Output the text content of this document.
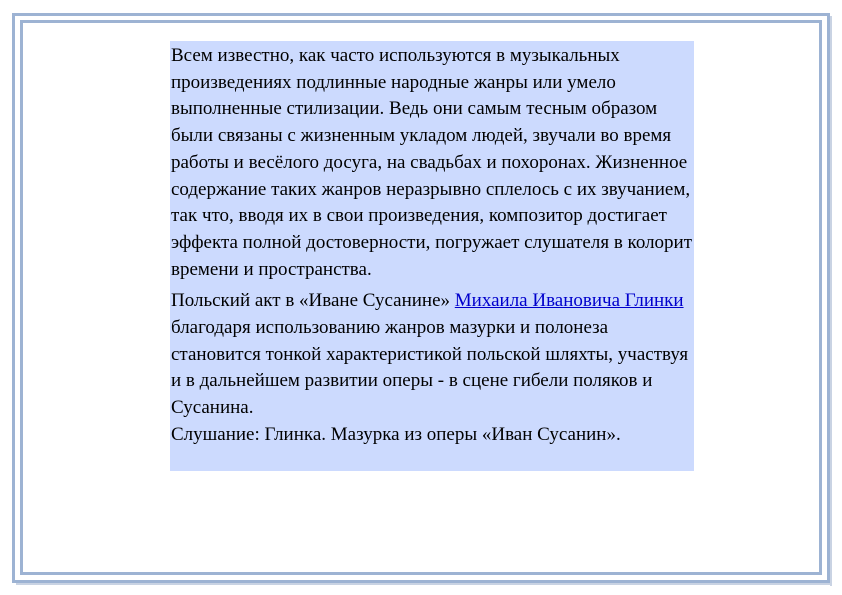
Всем известно, как часто используются в музыкальных произведениях подлинные народные жанры или умело выполненные стилизации. Ведь они самым тесным образом были связаны с жизненным укладом людей, звучали во время работы и весёлого досуга, на свадьбах и похоронах. Жизненное содержание таких жанров неразрывно сплелось с их звучанием, так что, вводя их в свои произведения, композитор достигает эффекта полной достоверности, погружает слушателя в колорит времени и пространства.

Польский акт в «Иване Сусанине» Михаила Ивановича Глинки благодаря использованию жанров мазурки и полонеза становится тонкой характеристикой польской шляхты, участвуя и в дальнейшем развитии оперы - в сцене гибели поляков и Сусанина.

Слушание: Глинка. Мазурка из оперы «Иван Сусанин».
